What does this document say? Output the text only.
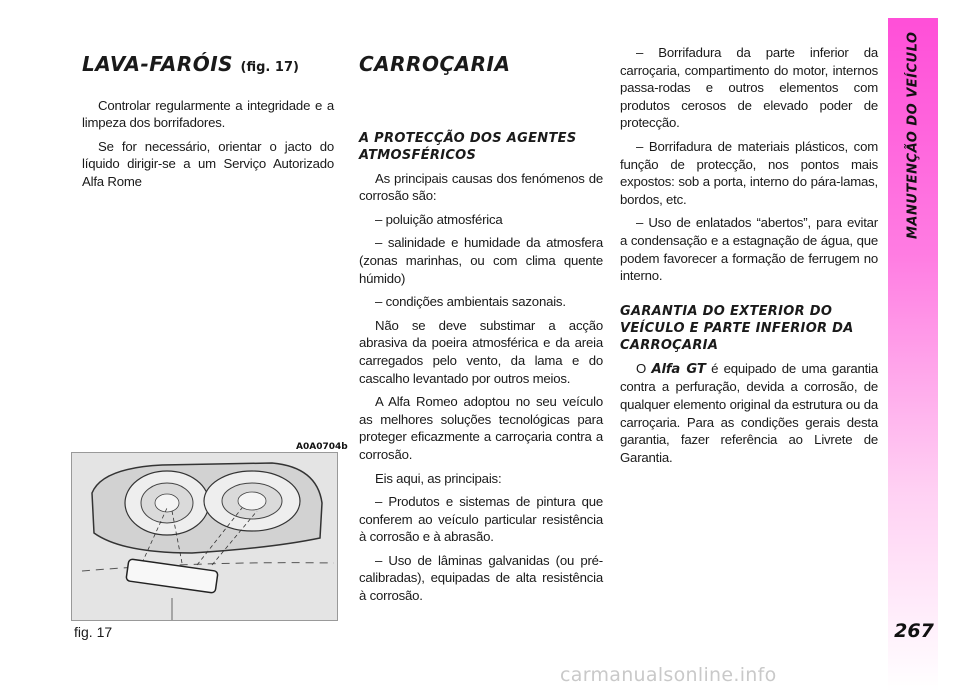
MANUTENÇÃO DO VEÍCULO
267
LAVA-FARÓIS (fig. 17)

Controlar regularmente a integridade e a limpeza dos borrifadores.

Se for necessário, orientar o jacto do líquido dirigir-se a um Serviço Autorizado Alfa Rome

A0A0704b
fig. 17
CARROÇARIA
A PROTECÇÃO DOS AGENTES ATMOSFÉRICOS

As principais causas dos fenómenos de corrosão são:

– poluição atmosférica

– salinidade e humidade da atmosfera (zonas marinhas, ou com clima quente húmido)

– condições ambientais sazonais.

Não se deve substimar a acção abrasiva da poeira atmosférica e da areia carregados pelo vento, da lama e do cascalho levantado por outros meios.

A Alfa Romeo adoptou no seu veículo as melhores soluções tecnológicas para proteger eficazmente a carroçaria contra a corrosão.

Eis aqui, as principais:

– Produtos e sistemas de pintura que conferem ao veículo particular resistência à corrosão e à abrasão.

– Uso de lâminas galvanidas (ou pré-calibradas), equipadas de alta resistência à corrosão.

– Borrifadura da parte inferior da carroçaria, compartimento do motor, internos passa-rodas e outros elementos com produtos cerosos de elevado poder de protecção.

– Borrifadura de materiais plásticos, com função de protecção, nos pontos mais expostos: sob a porta, interno do pára-lamas, bordos, etc.

– Uso de enlatados “abertos”, para evitar a condensação e a estagnação de água, que podem favorecer a formação de ferrugem no interno.

GARANTIA DO EXTERIOR DO VEÍCULO E PARTE INFERIOR DA CARROÇARIA

O Alfa GT é equipado de uma garantia contra a perfuração, devida a corrosão, de qualquer elemento original da estrutura ou da carroçaria. Para as condições gerais desta garantia, fazer referência ao Livrete de Garantia.

carmanualsonline.info
